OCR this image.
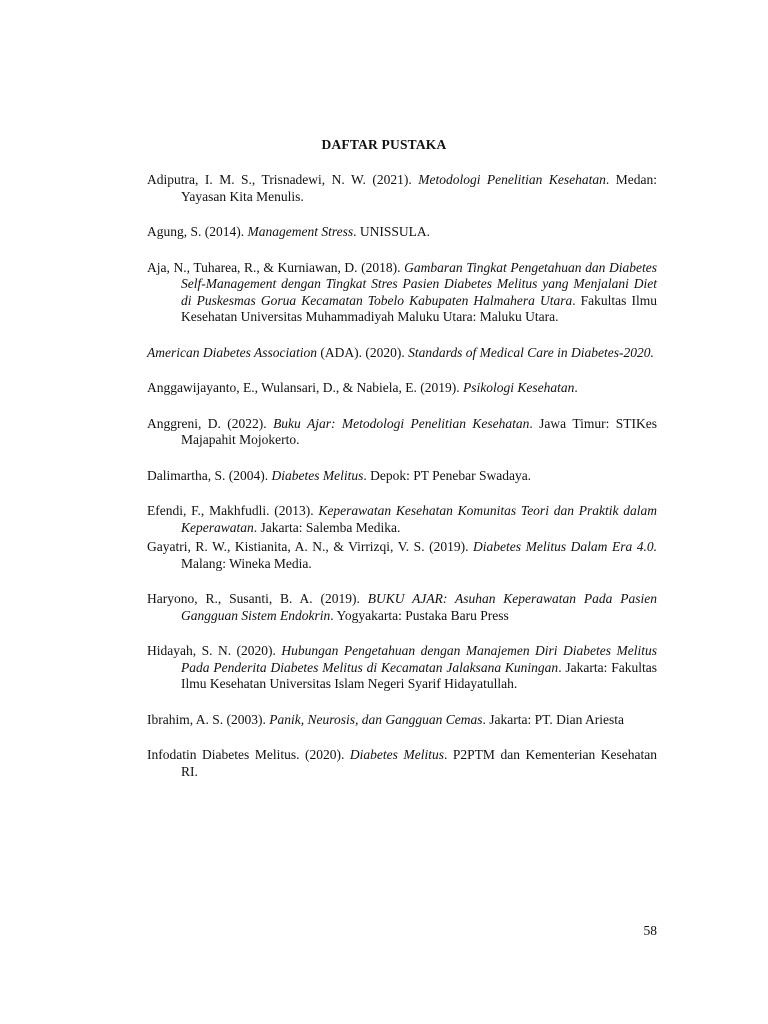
DAFTAR PUSTAKA

Adiputra, I. M. S., Trisnadewi, N. W. (2021). Metodologi Penelitian Kesehatan. Medan: Yayasan Kita Menulis.

Agung, S. (2014). Management Stress. UNISSULA.

Aja, N., Tuharea, R., & Kurniawan, D. (2018). Gambaran Tingkat Pengetahuan dan Diabetes Self-Management dengan Tingkat Stres Pasien Diabetes Melitus yang Menjalani Diet di Puskesmas Gorua Kecamatan Tobelo Kabupaten Halmahera Utara. Fakultas Ilmu Kesehatan Universitas Muhammadiyah Maluku Utara: Maluku Utara.

American Diabetes Association (ADA). (2020). Standards of Medical Care in Diabetes-2020.

Anggawijayanto, E., Wulansari, D., & Nabiela, E. (2019). Psikologi Kesehatan.

Anggreni, D. (2022). Buku Ajar: Metodologi Penelitian Kesehatan. Jawa Timur: STIKes Majapahit Mojokerto.

Dalimartha, S. (2004). Diabetes Melitus. Depok: PT Penebar Swadaya.

Efendi, F., Makhfudli. (2013). Keperawatan Kesehatan Komunitas Teori dan Praktik dalam Keperawatan. Jakarta: Salemba Medika.

Gayatri, R. W., Kistianita, A. N., & Virrizqi, V. S. (2019). Diabetes Melitus Dalam Era 4.0. Malang: Wineka Media.

Haryono, R., Susanti, B. A. (2019). BUKU AJAR: Asuhan Keperawatan Pada Pasien Gangguan Sistem Endokrin. Yogyakarta: Pustaka Baru Press

Hidayah, S. N. (2020). Hubungan Pengetahuan dengan Manajemen Diri Diabetes Melitus Pada Penderita Diabetes Melitus di Kecamatan Jalaksana Kuningan. Jakarta: Fakultas Ilmu Kesehatan Universitas Islam Negeri Syarif Hidayatullah.

Ibrahim, A. S. (2003). Panik, Neurosis, dan Gangguan Cemas. Jakarta: PT. Dian Ariesta

Infodatin Diabetes Melitus. (2020). Diabetes Melitus. P2PTM dan Kementerian Kesehatan RI.

58
